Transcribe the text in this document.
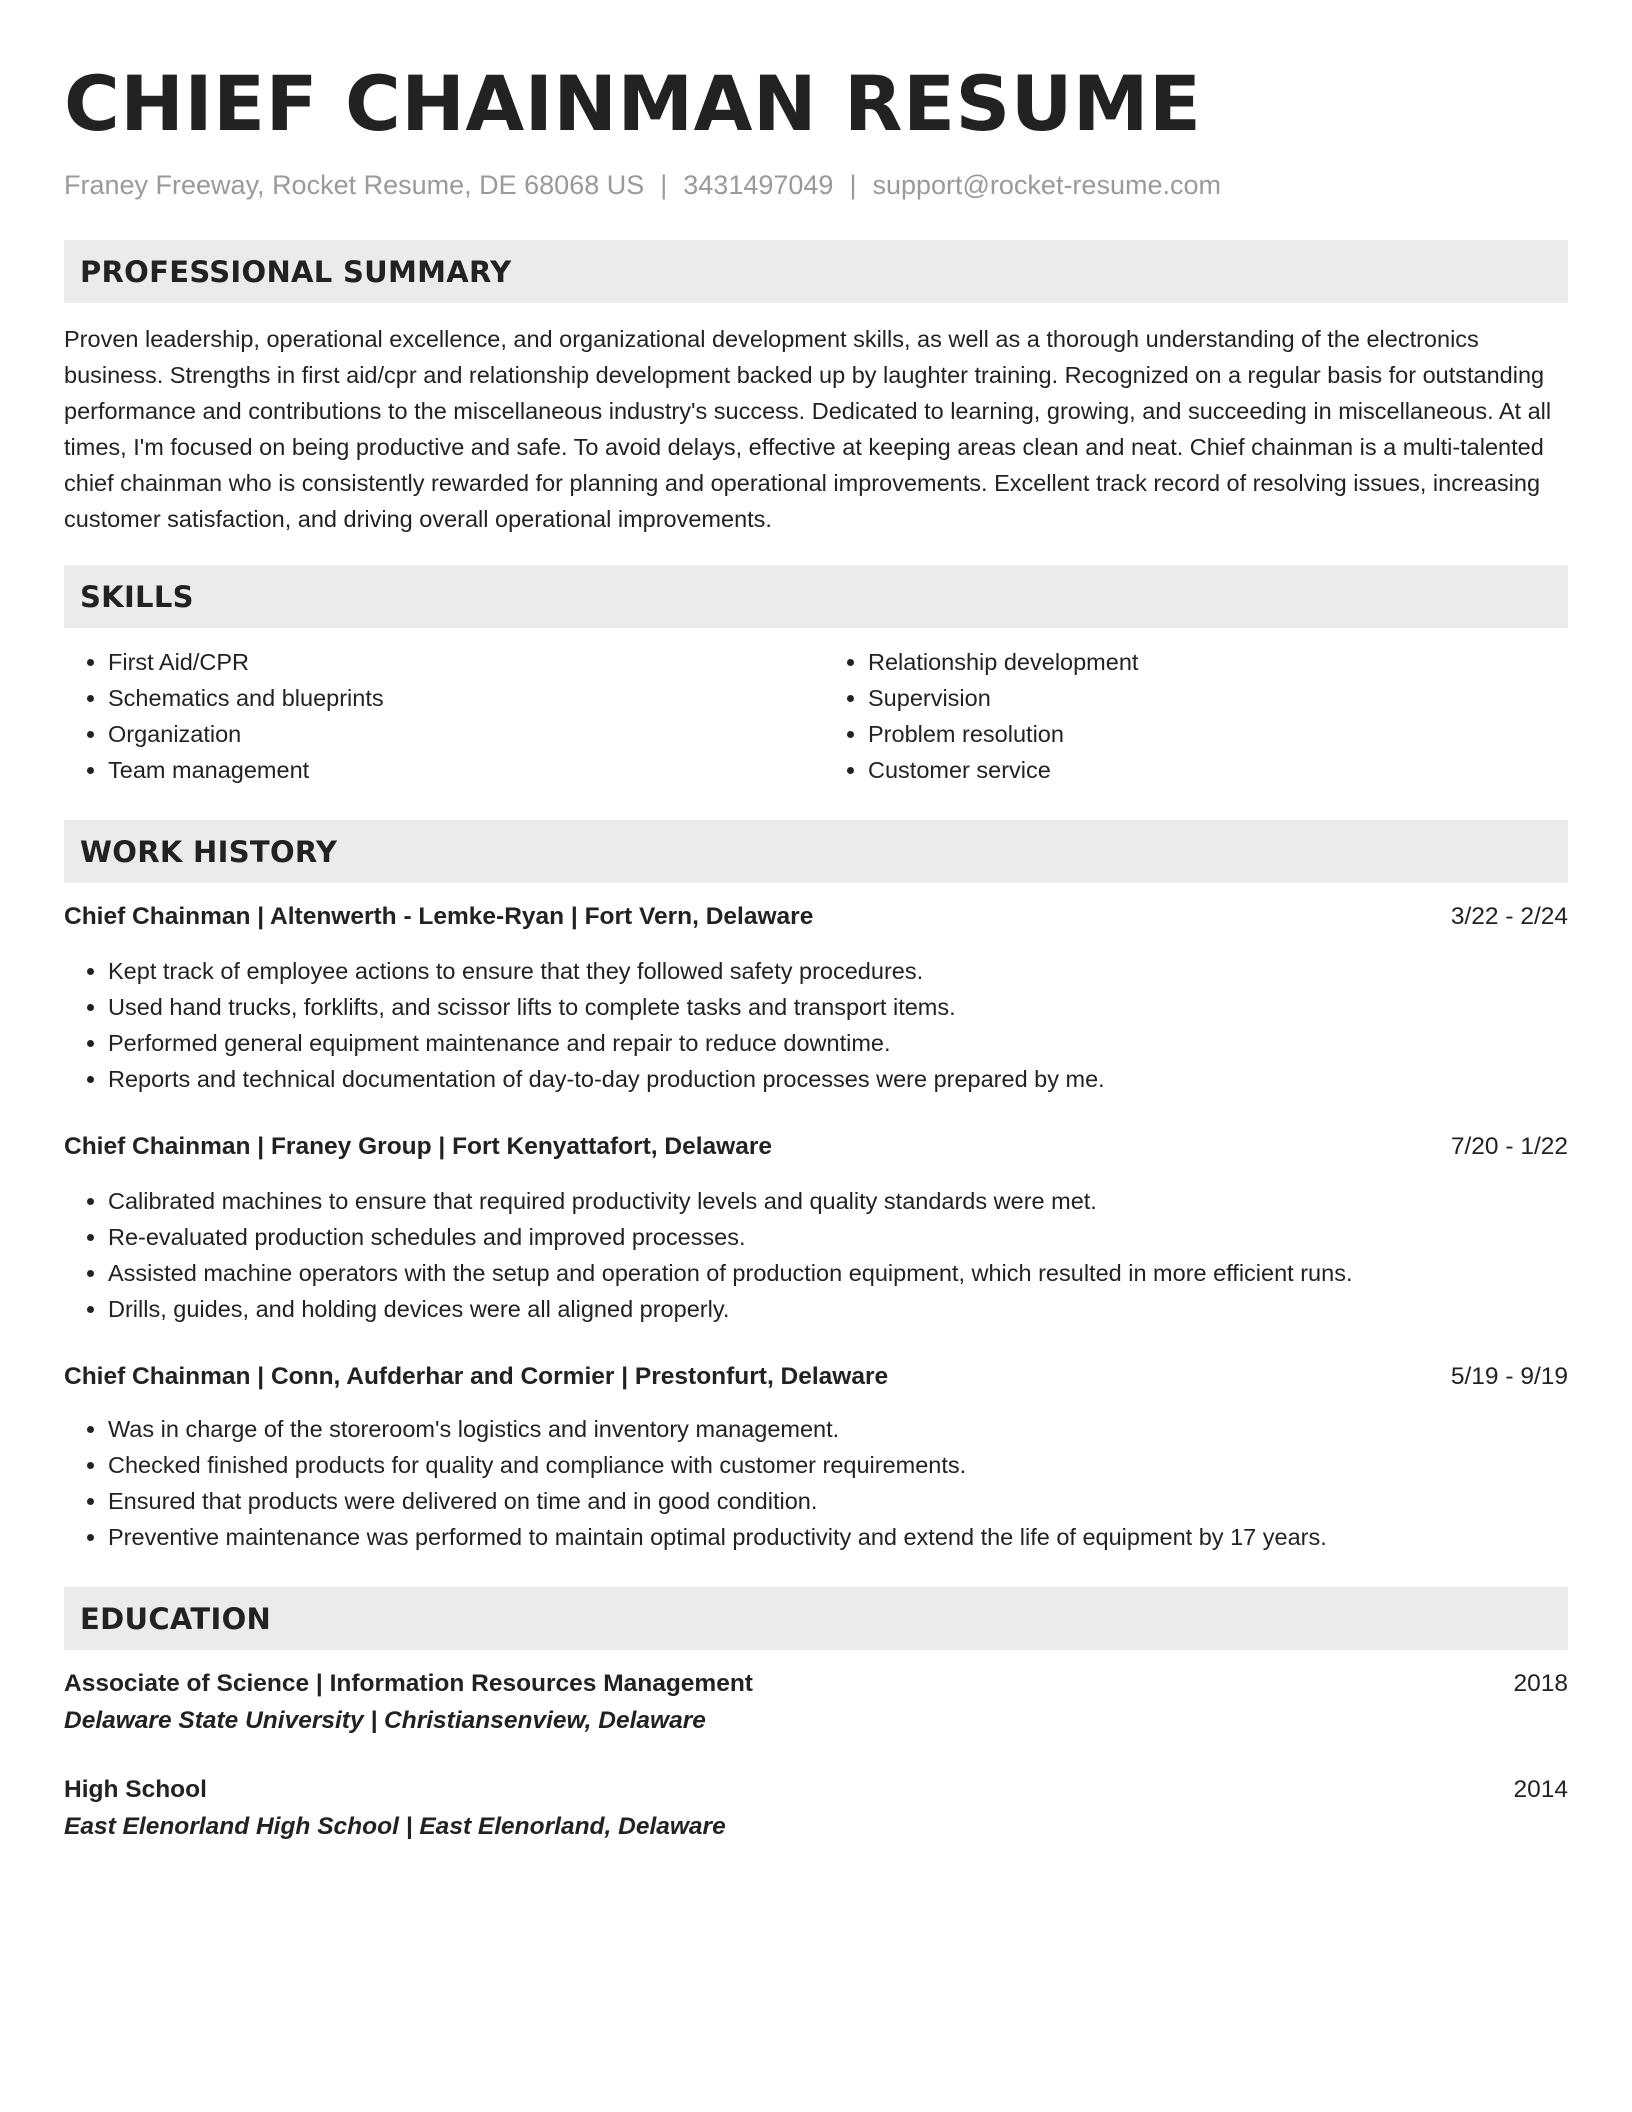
CHIEF CHAINMAN RESUME
Franey Freeway, Rocket Resume, DE 68068 US | 3431497049 | support@rocket-resume.com
PROFESSIONAL SUMMARY

Proven leadership, operational excellence, and organizational development skills, as well as a thorough understanding of the electronics business. Strengths in first aid/cpr and relationship development backed up by laughter training. Recognized on a regular basis for outstanding performance and contributions to the miscellaneous industry's success. Dedicated to learning, growing, and succeeding in miscellaneous. At all times, I'm focused on being productive and safe. To avoid delays, effective at keeping areas clean and neat. Chief chainman is a multi-talented chief chainman who is consistently rewarded for planning and operational improvements. Excellent track record of resolving issues, increasing customer satisfaction, and driving overall operational improvements.

SKILLS
• First Aid/CPR
• Schematics and blueprints
• Organization
• Team management
• Relationship development
• Supervision
• Problem resolution
• Customer service
WORK HISTORY
Chief Chainman | Altenwerth - Lemke-Ryan | Fort Vern, Delaware	3/22 - 2/24
• Kept track of employee actions to ensure that they followed safety procedures.
• Used hand trucks, forklifts, and scissor lifts to complete tasks and transport items.
• Performed general equipment maintenance and repair to reduce downtime.
• Reports and technical documentation of day-to-day production processes were prepared by me.
Chief Chainman | Franey Group | Fort Kenyattafort, Delaware	7/20 - 1/22
• Calibrated machines to ensure that required productivity levels and quality standards were met.
• Re-evaluated production schedules and improved processes.
• Assisted machine operators with the setup and operation of production equipment, which resulted in more efficient runs.
• Drills, guides, and holding devices were all aligned properly.
Chief Chainman | Conn, Aufderhar and Cormier | Prestonfurt, Delaware	5/19 - 9/19
• Was in charge of the storeroom's logistics and inventory management.
• Checked finished products for quality and compliance with customer requirements.
• Ensured that products were delivered on time and in good condition.
• Preventive maintenance was performed to maintain optimal productivity and extend the life of equipment by 17 years.
EDUCATION
Associate of Science | Information Resources Management	2018
Delaware State University | Christiansenview, Delaware
High School	2014
East Elenorland High School | East Elenorland, Delaware
